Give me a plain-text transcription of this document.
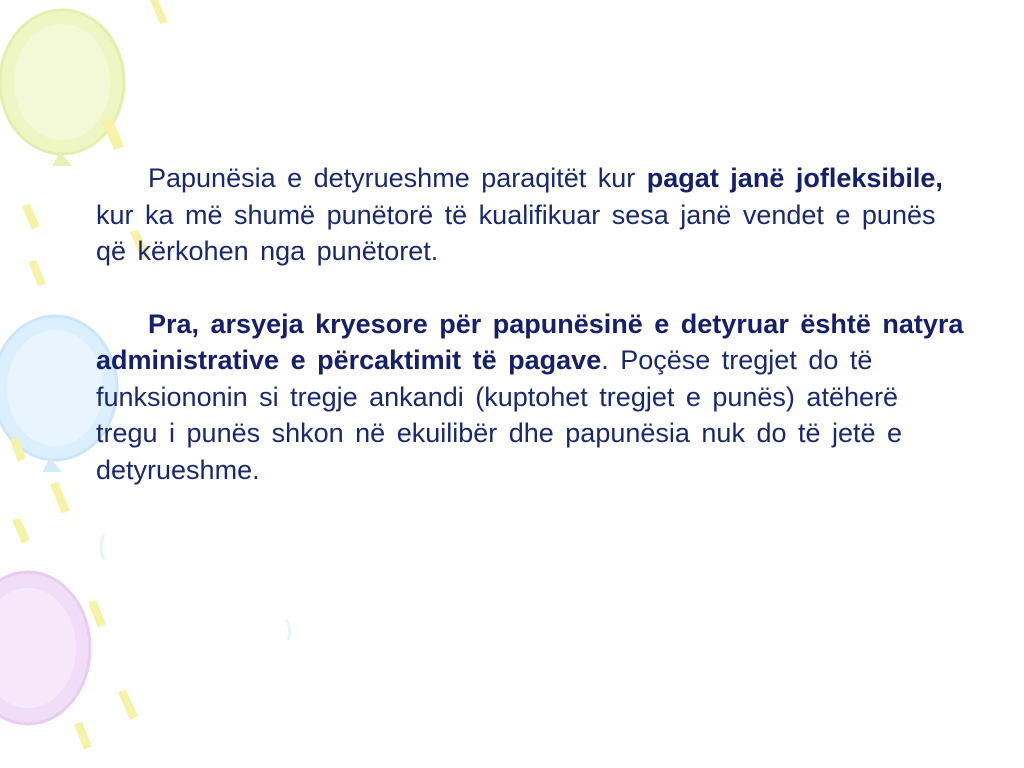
Papunësia e detyrueshme paraqitët kur pagat janë jofleksibile, kur ka më shumë punëtorë të kualifikuar sesa janë vendet e punës që kërkohen nga punëtoret.

Pra, arsyeja kryesore për papunësinë e detyruar është natyra administrative e përcaktimit të pagave. Poçëse tregjet do të funksiononin si tregje ankandi (kuptohet tregjet e punës) atëherë tregu i punës shkon në ekuilibër dhe papunësia nuk do të jetë e detyrueshme.
